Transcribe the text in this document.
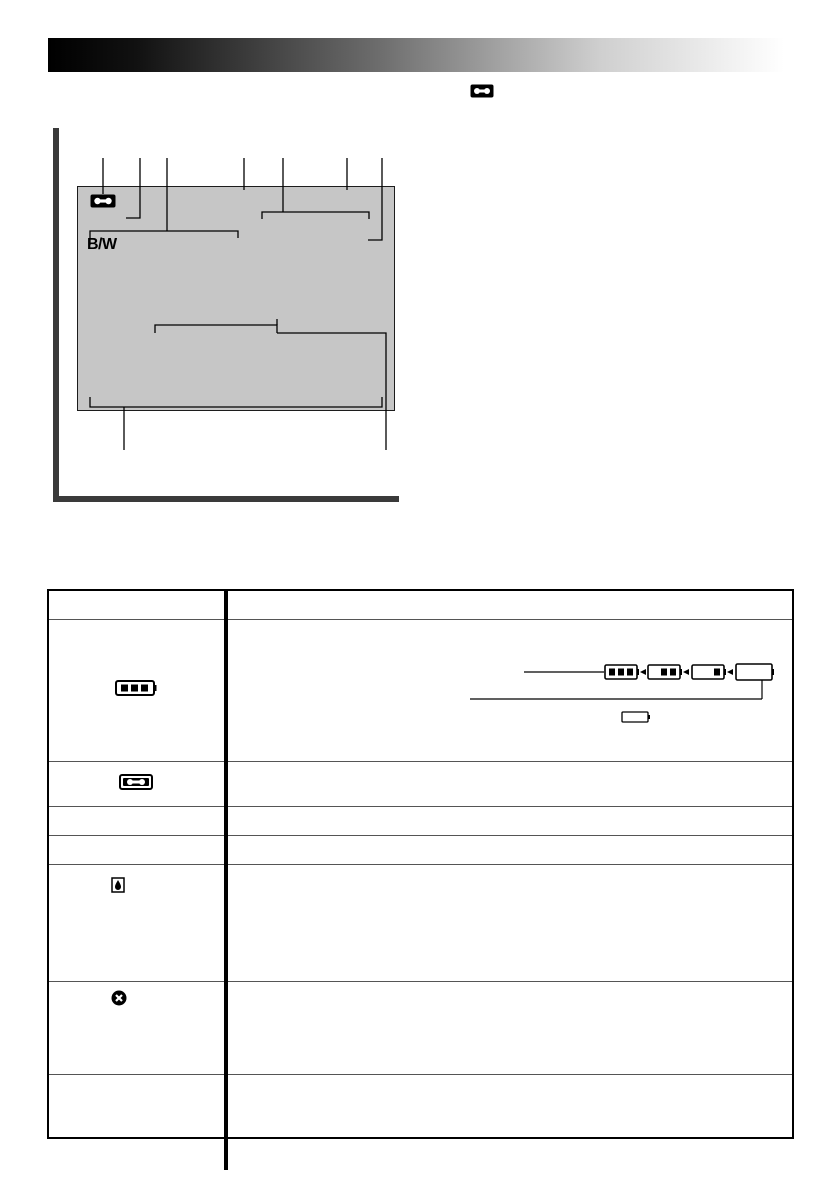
B/W
